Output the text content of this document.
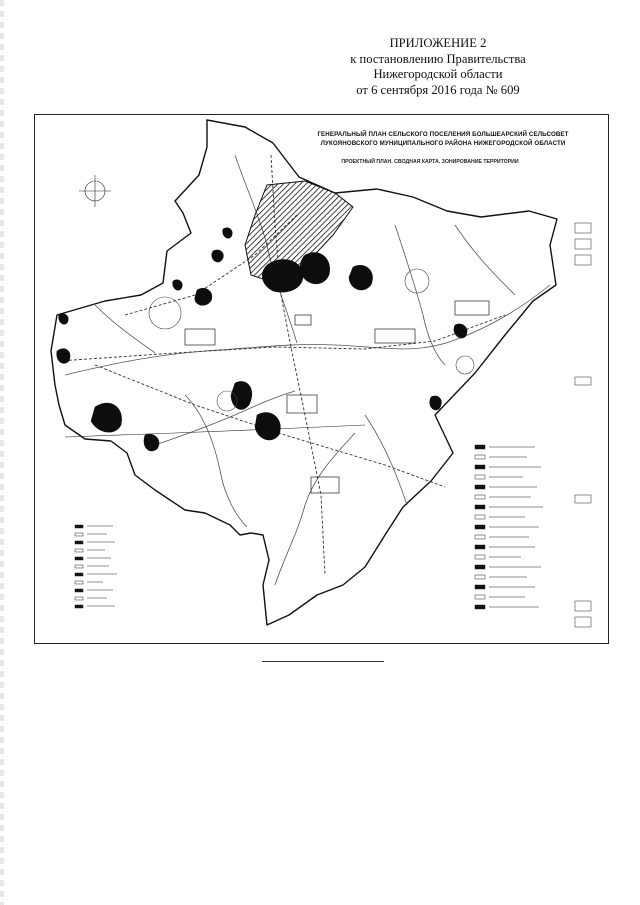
ПРИЛОЖЕНИЕ 2
к постановлению Правительства
Нижегородской области
от 6 сентября 2016 года № 609
ГЕНЕРАЛЬНЫЙ ПЛАН СЕЛЬСКОГО ПОСЕЛЕНИЯ БОЛЬШЕАРСКИЙ СЕЛЬСОВЕТ
ЛУКОЯНОВСКОГО МУНИЦИПАЛЬНОГО РАЙОНА НИЖЕГОРОДСКОЙ ОБЛАСТИ
ПРОЕКТНЫЙ ПЛАН. СВОДНАЯ КАРТА. ЗОНИРОВАНИЕ ТЕРРИТОРИИ
